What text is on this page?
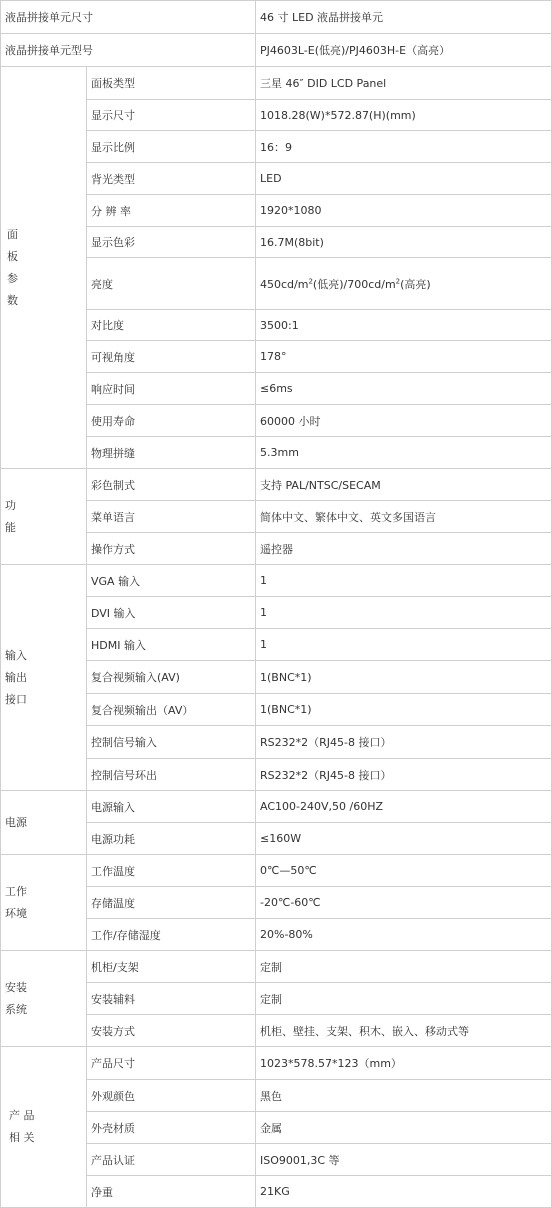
液晶拼接单元尺寸		46 寸 LED 液晶拼接单元
液晶拼接单元型号		PJ4603L-E(低亮)/PJ4603H-E（高亮）

面
板
参
数	面板类型	三星 46″ DID LCD Panel
	显示尺寸	1018.28(W)*572.87(H)(mm)
	显示比例	16：9
	背光类型	LED
	分 辨 率	1920*1080
	显示色彩	16.7M(8bit)
	亮度	$450cd/m^2$(低亮)$/700cd/m^2$(高亮)
	对比度	3500:1
	可视角度	178°
	响应时间	≤6ms
	使用寿命	60000 小时
	物理拼缝	5.3mm

功
能	彩色制式	支持 PAL/NTSC/SECAM
	菜单语言	简体中文、繁体中文、英文多国语言
	操作方式	遥控器

输入
输出
接口	VGA 输入	1
	DVI 输入	1
	HDMI 输入	1
	复合视频输入(AV)	1(BNC*1)
	复合视频输出（AV）	1(BNC*1)
	控制信号输入	RS232*2（RJ45-8 接口）
	控制信号环出	RS232*2（RJ45-8 接口）

电源	电源输入	AC100-240V,50 /60HZ
	电源功耗	≤160W

工作
环境	工作温度	0℃—50℃
	存储温度	-20℃-60℃
	工作/存储湿度	20%-80%

安装
系统	机柜/支架	定制
	安装辅料	定制
	安装方式	机柜、壁挂、支架、积木、嵌入、移动式等

产 品
相 关	产品尺寸	1023*578.57*123（mm）
	外观颜色	黑色
	外壳材质	金属
	产品认证	ISO9001,3C 等
	净重	21KG
